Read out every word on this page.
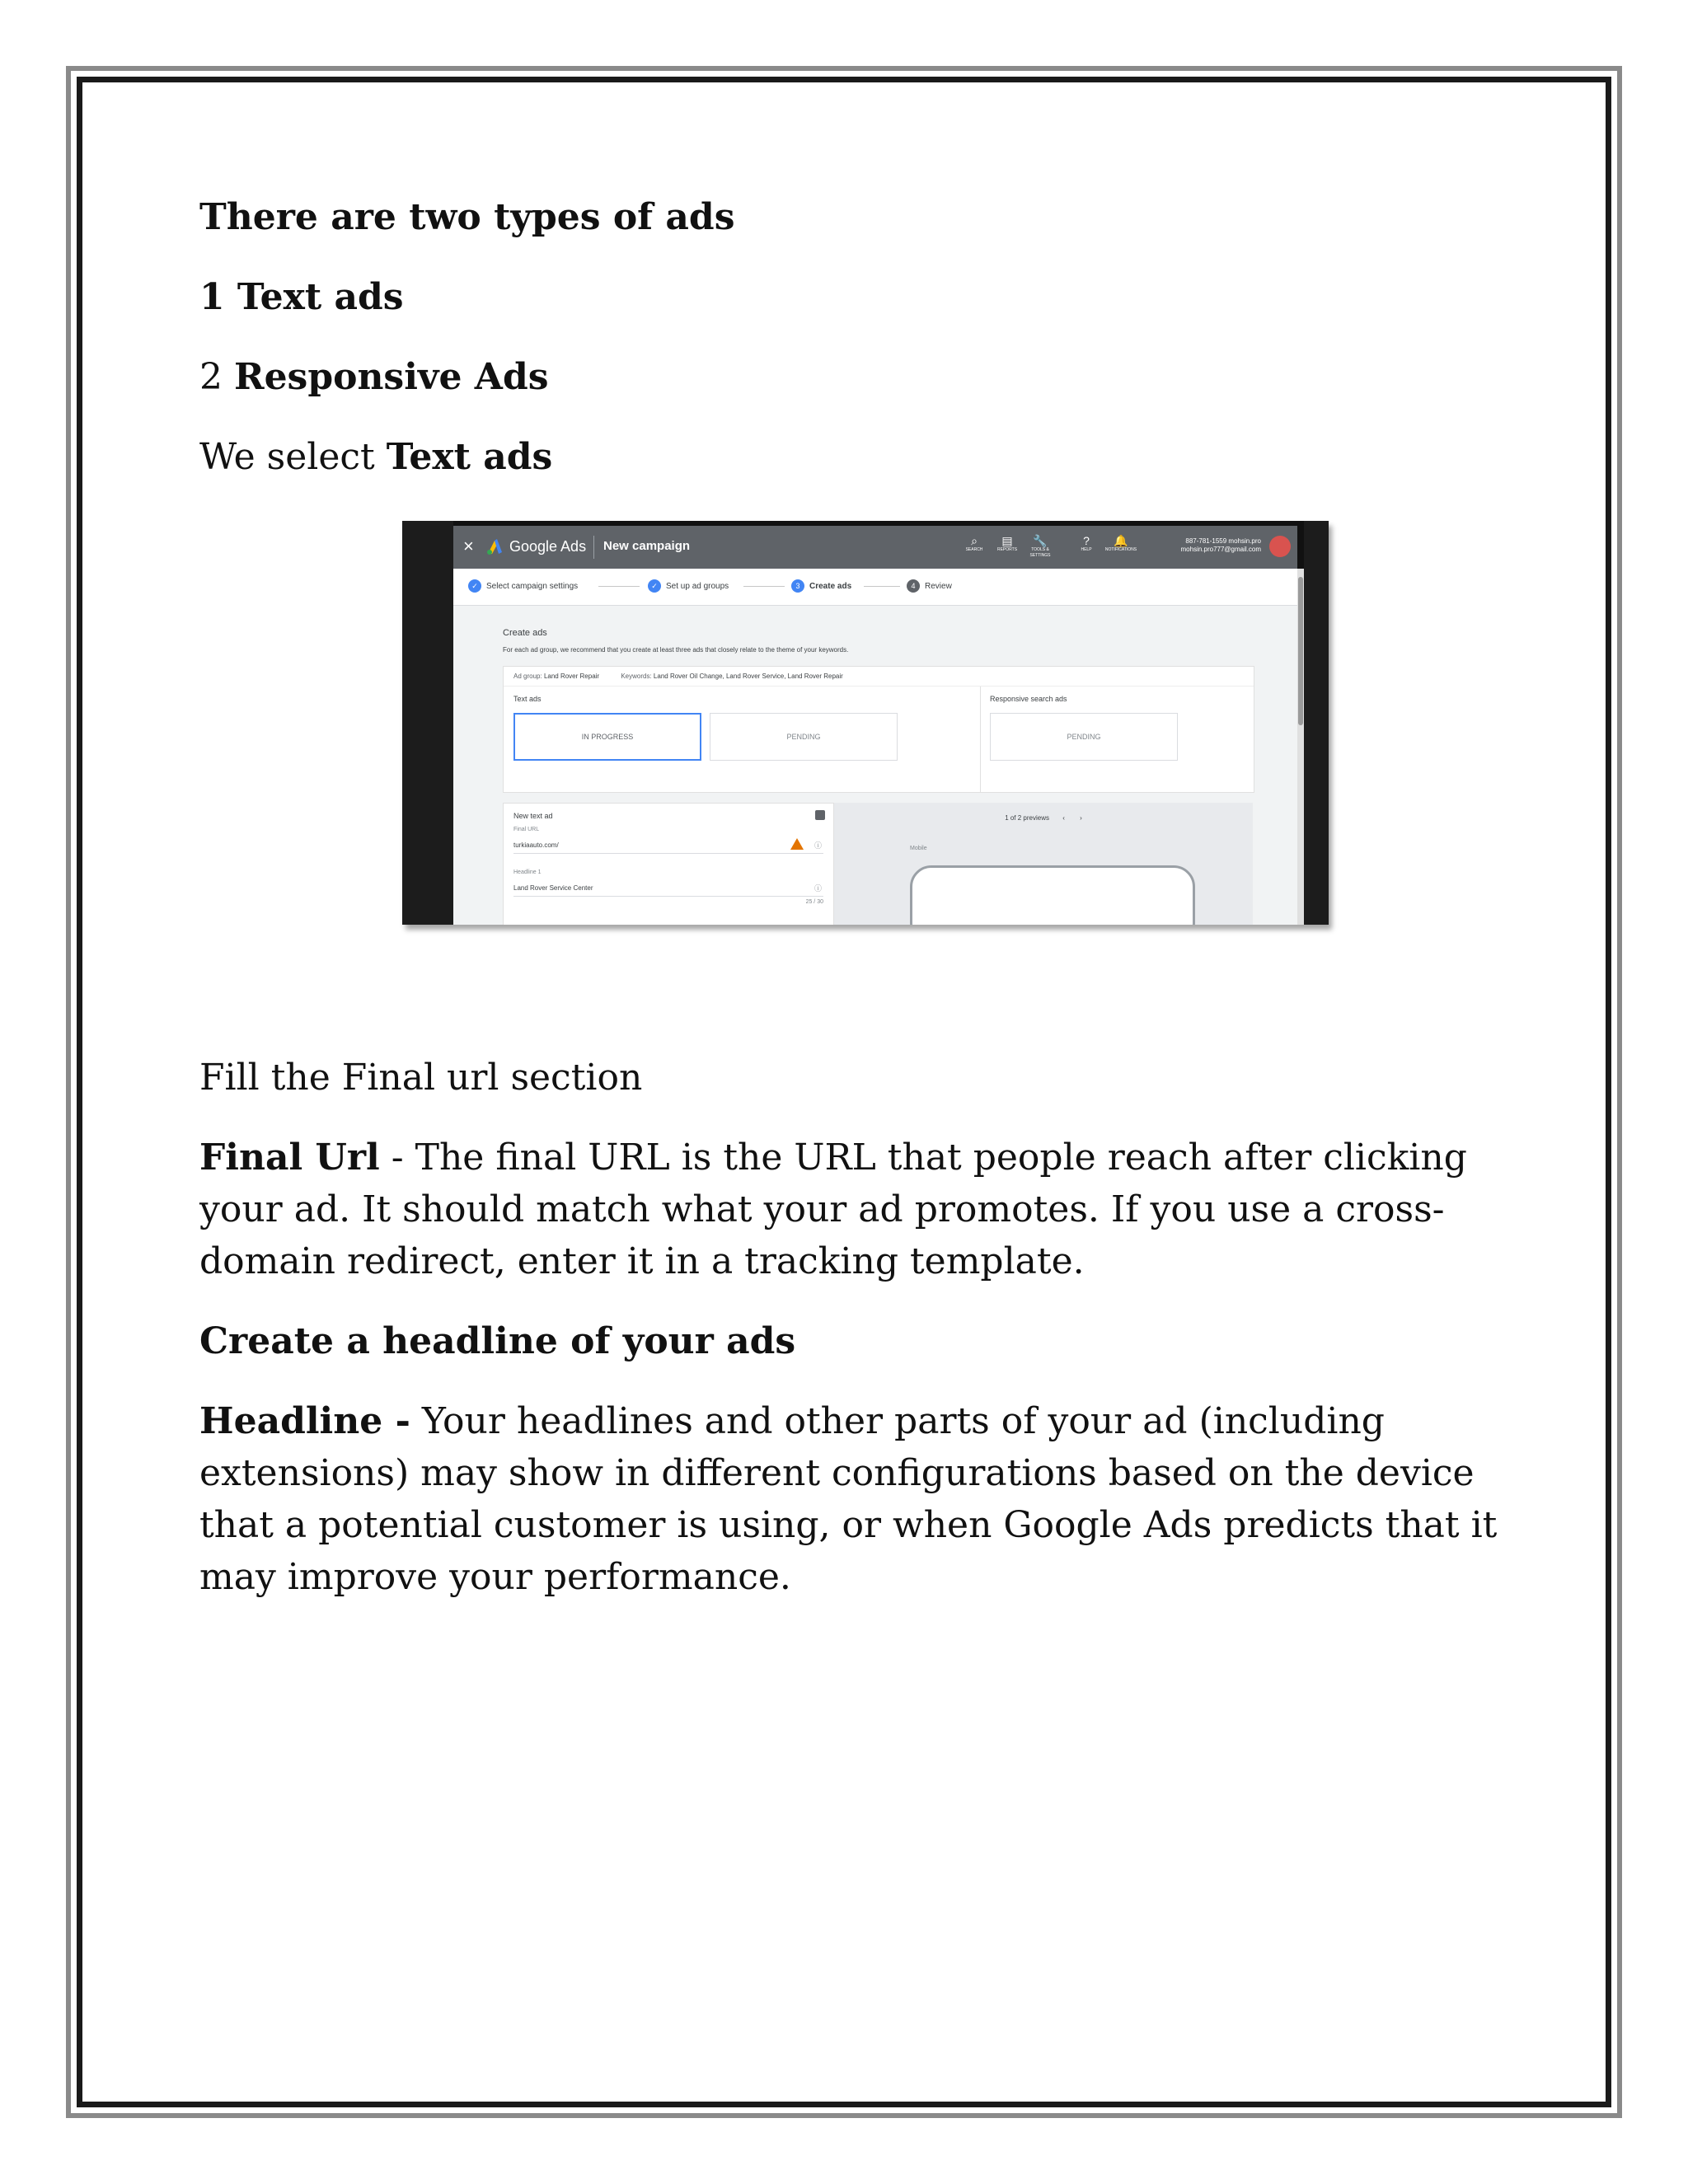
There are two types of ads

1 Text ads

2 Responsive Ads

We select Text ads

× Google Ads New campaign	⌕
SEARCH
▤
REPORTS
🔧
TOOLS & SETTINGS
?
HELP
🔔
NOTIFICATIONS
887-781-1559 mohsin.pro
mohsin.pro777@gmail.com
✓	Select campaign settings	✓	Set up ad groups	3	Create ads	4	Review
Create ads
For each ad group, we recommend that you create at least three ads that closely relate to the theme of your keywords.
Ad group: Land Rover Repair	Keywords: Land Rover Oil Change, Land Rover Service, Land Rover Repair
Text ads	Responsive search ads
IN PROGRESS	PENDING	PENDING
New text ad
Final URL
turkiaauto.com/	ⓘ
Headline 1
Land Rover Service Center	ⓘ
25 / 30
1 of 2 previews ‹ ›
Mobile

Fill the Final url section

Final Url - The final URL is the URL that people reach after clicking your ad. It should match what your ad promotes. If you use a cross-domain redirect, enter it in a tracking template.

Create a headline of your ads

Headline - Your headlines and other parts of your ad (including extensions) may show in different configurations based on the device that a potential customer is using, or when Google Ads predicts that it may improve your performance.
